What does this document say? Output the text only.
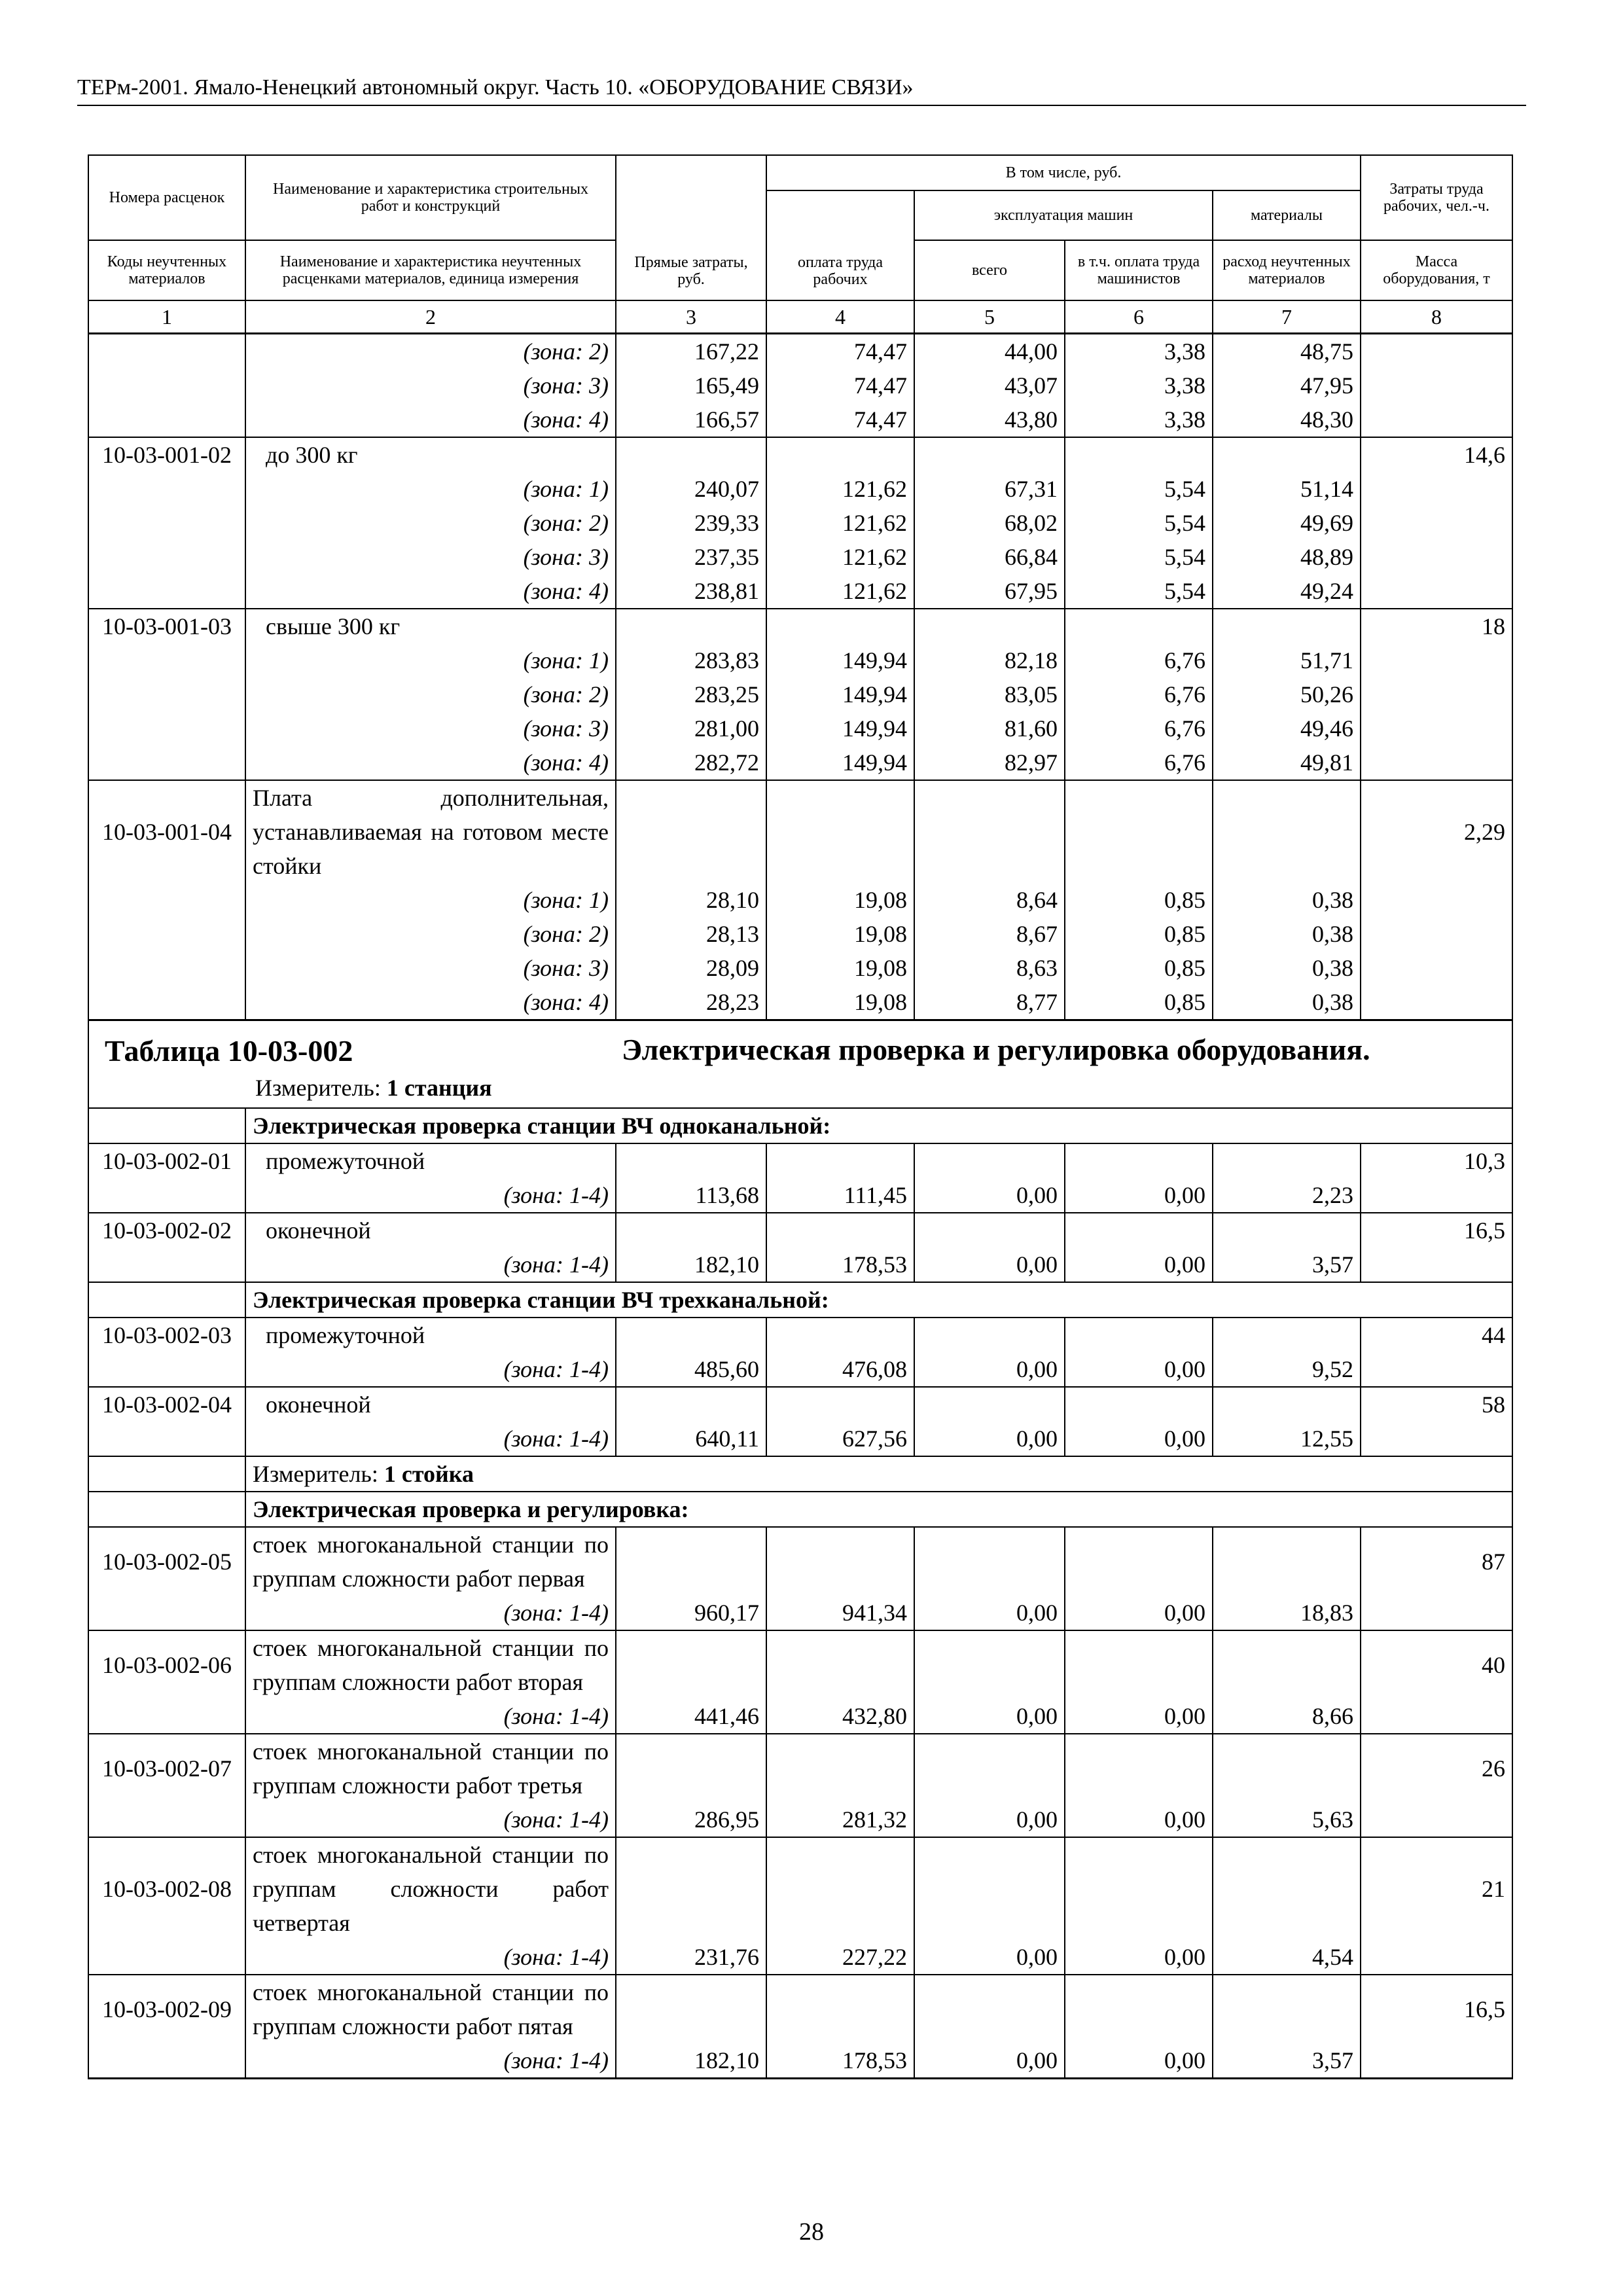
ТЕРм-2001. Ямало-Ненецкий автономный округ. Часть 10. «ОБОРУДОВАНИЕ СВЯЗИ»
Номера расценок	Наименование и характеристика строительных работ и конструкций	Прямые затраты, руб.	В том числе, руб.				Затраты труда рабочих, чел.-ч.
			оплата труда рабочих	эксплуатация машин		материалы	
Коды неучтенных материалов	Наименование и характеристика неучтенных расценками материалов, единица измерения			всего	в т.ч. оплата труда машинистов	расход неучтенных материалов	Масса оборудования, т
1	2	3	4	5	6	7	8
	(зона: 2)	167,22	74,47	44,00	3,38	48,75	
	(зона: 3)	165,49	74,47	43,07	3,38	47,95	
	(зона: 4)	166,57	74,47	43,80	3,38	48,30	
10-03-001-02	до 300 кг						14,6
	(зона: 1)	240,07	121,62	67,31	5,54	51,14	
	(зона: 2)	239,33	121,62	68,02	5,54	49,69	
	(зона: 3)	237,35	121,62	66,84	5,54	48,89	
	(зона: 4)	238,81	121,62	67,95	5,54	49,24	
10-03-001-03	свыше 300 кг						18
	(зона: 1)	283,83	149,94	82,18	6,76	51,71	
	(зона: 2)	283,25	149,94	83,05	6,76	50,26	
	(зона: 3)	281,00	149,94	81,60	6,76	49,46	
	(зона: 4)	282,72	149,94	82,97	6,76	49,81	
10-03-001-04	Плата дополнительная, устанавливаемая на готовом месте стойки						2,29
	(зона: 1)	28,10	19,08	8,64	0,85	0,38	
	(зона: 2)	28,13	19,08	8,67	0,85	0,38	
	(зона: 3)	28,09	19,08	8,63	0,85	0,38	
	(зона: 4)	28,23	19,08	8,77	0,85	0,38	

Таблица 10-03-002 Электрическая проверка и регулировка оборудования.
Измеритель: 1 станция							

	Электрическая проверка станции ВЧ одноканальной:						
10-03-002-01	промежуточной						10,3
	(зона: 1-4)	113,68	111,45	0,00	0,00	2,23	
10-03-002-02	оконечной						16,5
	(зона: 1-4)	182,10	178,53	0,00	0,00	3,57	
	Электрическая проверка станции ВЧ трехканальной:						
10-03-002-03	промежуточной						44
	(зона: 1-4)	485,60	476,08	0,00	0,00	9,52	
10-03-002-04	оконечной						58
	(зона: 1-4)	640,11	627,56	0,00	0,00	12,55	
	Измеритель: 1 стойка						
	Электрическая проверка и регулировка:						
10-03-002-05	стоек многоканальной станции по группам сложности работ первая						87
	(зона: 1-4)	960,17	941,34	0,00	0,00	18,83	
10-03-002-06	стоек многоканальной станции по группам сложности работ вторая						40
	(зона: 1-4)	441,46	432,80	0,00	0,00	8,66	
10-03-002-07	стоек многоканальной станции по группам сложности работ третья						26
	(зона: 1-4)	286,95	281,32	0,00	0,00	5,63	
10-03-002-08	стоек многоканальной станции по группам сложности работ четвертая						21
	(зона: 1-4)	231,76	227,22	0,00	0,00	4,54	
10-03-002-09	стоек многоканальной станции по группам сложности работ пятая						16,5
	(зона: 1-4)	182,10	178,53	0,00	0,00	3,57	
28
